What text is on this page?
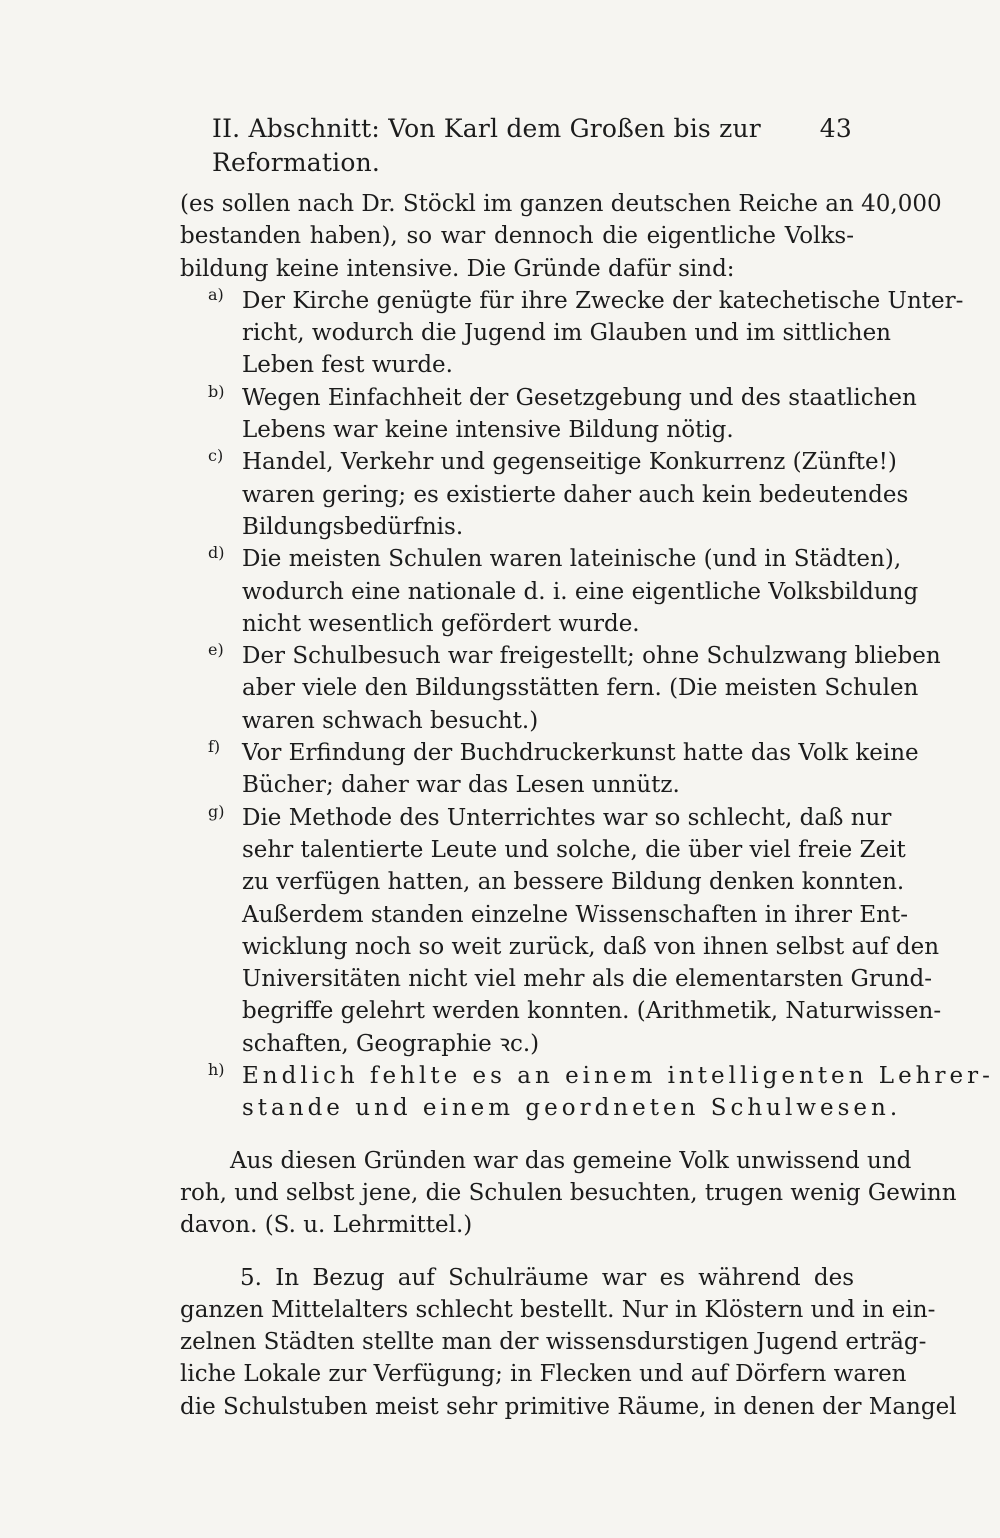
II. Abschnitt: Von Karl dem Großen bis zur Reformation.
43
(es sollen nach Dr. Stöckl im ganzen deutschen Reiche an 40,000
bestanden haben), so war dennoch die eigentliche Volks-
bildung keine intensive. Die Gründe dafür sind:
a) Der Kirche genügte für ihre Zwecke der katechetische Unter-
richt, wodurch die Jugend im Glauben und im sittlichen
Leben fest wurde.
b) Wegen Einfachheit der Gesetzgebung und des staatlichen
Lebens war keine intensive Bildung nötig.
c) Handel, Verkehr und gegenseitige Konkurrenz (Zünfte!)
waren gering; es existierte daher auch kein bedeutendes
Bildungsbedürfnis.
d) Die meisten Schulen waren lateinische (und in Städten),
wodurch eine nationale d. i. eine eigentliche Volksbildung
nicht wesentlich gefördert wurde.
e) Der Schulbesuch war freigestellt; ohne Schulzwang blieben
aber viele den Bildungsstätten fern. (Die meisten Schulen
waren schwach besucht.)
f) Vor Erfindung der Buchdruckerkunst hatte das Volk keine
Bücher; daher war das Lesen unnütz.
g) Die Methode des Unterrichtes war so schlecht, daß nur
sehr talentierte Leute und solche, die über viel freie Zeit
zu verfügen hatten, an bessere Bildung denken konnten.
Außerdem standen einzelne Wissenschaften in ihrer Ent-
wicklung noch so weit zurück, daß von ihnen selbst auf den
Universitäten nicht viel mehr als die elementarsten Grund-
begriffe gelehrt werden konnten. (Arithmetik, Naturwissen-
schaften, Geographie ꝛc.)
h) Endlich fehlte es an einem intelligenten Lehrer-
stande und einem geordneten Schulwesen.
Aus diesen Gründen war das gemeine Volk unwissend und
roh, und selbst jene, die Schulen besuchten, trugen wenig Gewinn
davon. (S. u. Lehrmittel.)
5. In Bezug auf Schulräume war es während des
ganzen Mittelalters schlecht bestellt. Nur in Klöstern und in ein-
zelnen Städten stellte man der wissensdurstigen Jugend erträg-
liche Lokale zur Verfügung; in Flecken und auf Dörfern waren
die Schulstuben meist sehr primitive Räume, in denen der Mangel
